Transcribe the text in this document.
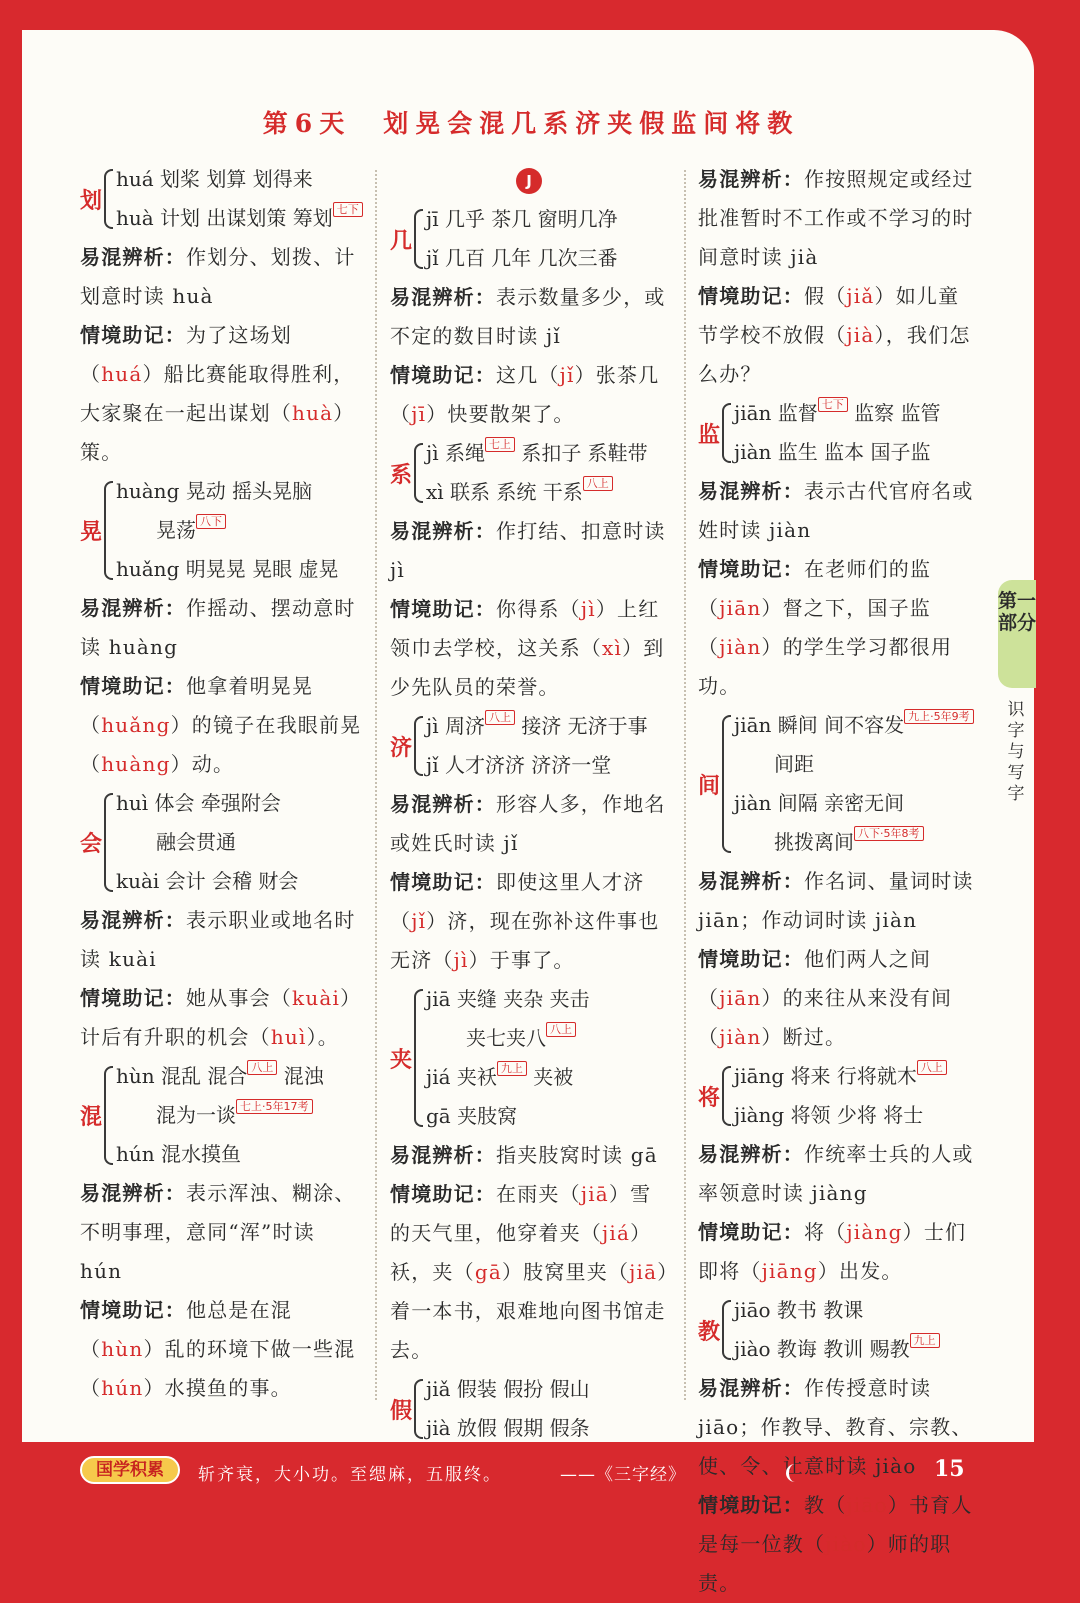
第6天　划晃会混几系济夹假监间将教
划
huá 划桨 划算 划得来
huà 计划 出谋划策 筹划 七下

易混辨析：作划分、划拨、计划意时读 huà

情境助记：为了这场划（huá）船比赛能取得胜利，大家聚在一起出谋划（huà）策。

晃
huàng 晃动 摇头晃脑
晃荡 八下
huǎng 明晃晃 晃眼 虚晃

易混辨析：作摇动、摆动意时读 huàng

情境助记：他拿着明晃晃（huǎng）的镜子在我眼前晃（huàng）动。

会
huì 体会 牵强附会
融会贯通
kuài 会计 会稽 财会

易混辨析：表示职业或地名时读 kuài

情境助记：她从事会（kuài）计后有升职的机会（huì）。

混
hùn 混乱 混合 八上 混浊
混为一谈 七上·5年17考
hún 混水摸鱼

易混辨析：表示浑浊、糊涂、不明事理，意同“浑”时读 hún

情境助记：他总是在混（hùn）乱的环境下做一些混（hún）水摸鱼的事。

J
几
jī 几乎 茶几 窗明几净
jǐ 几百 几年 几次三番

易混辨析：表示数量多少，或不定的数目时读 jǐ

情境助记：这几（jǐ）张茶几（jī）快要散架了。

系
jì 系绳 七上 系扣子 系鞋带
xì 联系 系统 干系 八上

易混辨析：作打结、扣意时读 jì

情境助记：你得系（jì）上红领巾去学校，这关系（xì）到少先队员的荣誉。

济
jì 周济 八上 接济 无济于事
jǐ 人才济济 济济一堂

易混辨析：形容人多，作地名或姓氏时读 jǐ

情境助记：即使这里人才济（jǐ）济，现在弥补这件事也无济（jì）于事了。

夹
jiā 夹缝 夹杂 夹击
夹七夹八 八上
jiá 夹袄 九上 夹被
gā 夹肢窝

易混辨析：指夹肢窝时读 gā

情境助记：在雨夹（jiā）雪的天气里，他穿着夹（jiá）袄，夹（gā）肢窝里夹（jiā）着一本书，艰难地向图书馆走去。

假
jiǎ 假装 假扮 假山
jià 放假 假期 假条

易混辨析：作按照规定或经过批准暂时不工作或不学习的时间意时读 jià

情境助记：假（jiǎ）如儿童节学校不放假（jià），我们怎么办？

监
jiān 监督 七下 监察 监管
jiàn 监生 监本 国子监

易混辨析：表示古代官府名或姓时读 jiàn

情境助记：在老师们的监（jiān）督之下，国子监（jiàn）的学生学习都很用功。

间
jiān 瞬间 间不容发 九上·5年9考
间距
jiàn 间隔 亲密无间
挑拨离间 八下·5年8考

易混辨析：作名词、量词时读 jiān；作动词时读 jiàn

情境助记：他们两人之间（jiān）的来往从来没有间（jiàn）断过。

将
jiāng 将来 行将就木 八上
jiàng 将领 少将 将士

易混辨析：作统率士兵的人或率领意时读 jiàng

情境助记：将（jiàng）士们即将（jiāng）出发。

教
jiāo 教书 教课
jiào 教诲 教训 赐教 九上

易混辨析：作传授意时读 jiāo；作教导、教育、宗教、使、令、让意时读 jiào

情境助记：教（jiāo）书育人是每一位教（jiào）师的职责。

第一部分
识字与写字
国学积累	斩齐衰，大小功。至缌麻，五服终。	——《三字经》	15
